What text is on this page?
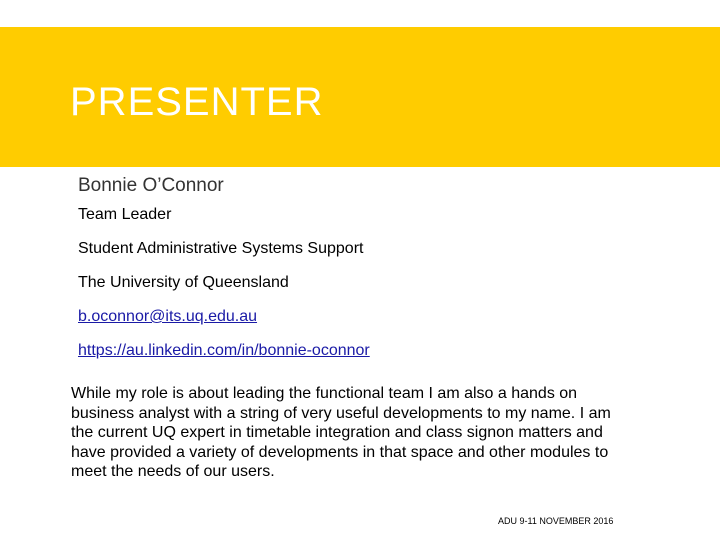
PRESENTER
Bonnie O’Connor
Team Leader
Student Administrative Systems Support
The University of Queensland
b.oconnor@its.uq.edu.au
https://au.linkedin.com/in/bonnie-oconnor

While my role is about leading the functional team I am also a hands on business analyst with a string of very useful developments to my name. I am the current UQ expert in timetable integration and class signon matters and have provided a variety of developments in that space and other modules to meet the needs of our users.

ADU 9-11 NOVEMBER 2016
